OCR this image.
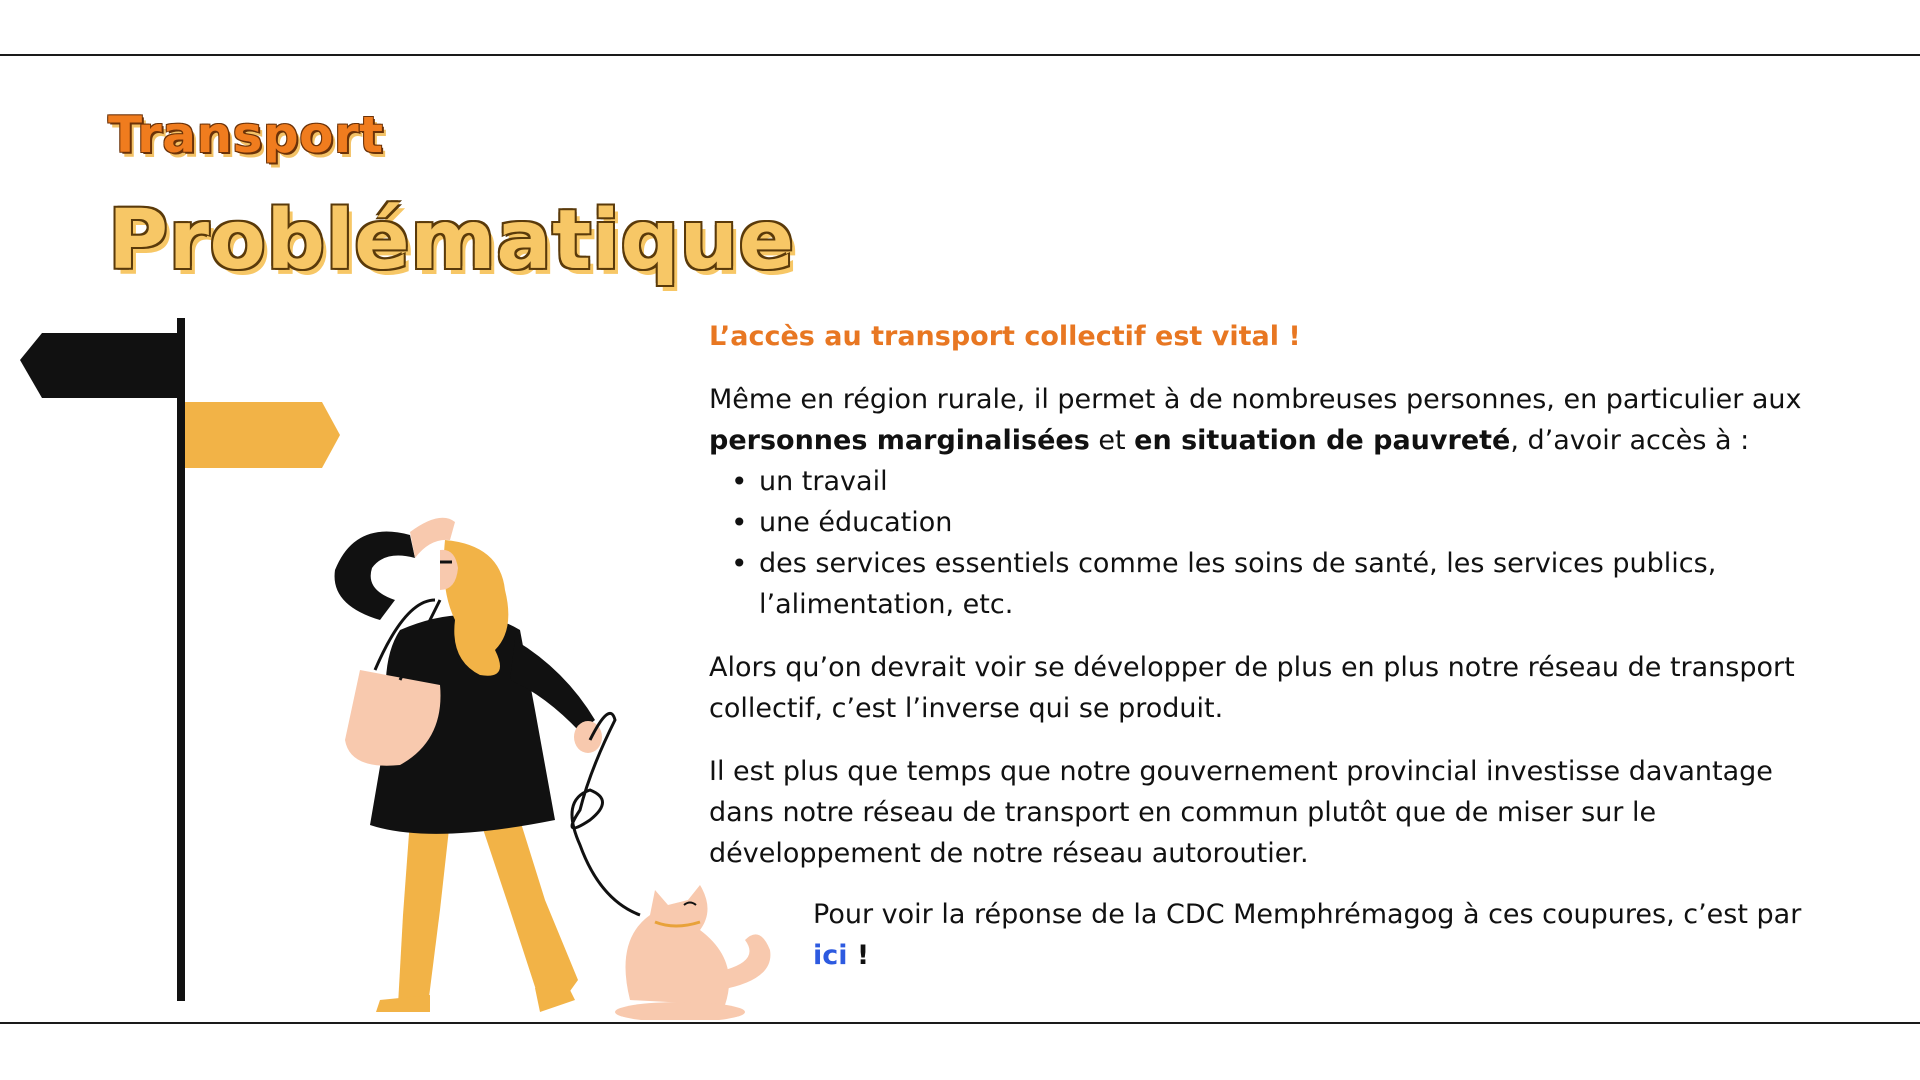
Transport
Problématique

L’accès au transport collectif est vital !

Même en région rurale, il permet à de nombreuses personnes, en particulier aux personnes marginalisées et en situation de pauvreté, d’avoir accès à :

• un travail
• une éducation
• des services essentiels comme les soins de santé, les services publics, l’alimentation, etc.

Alors qu’on devrait voir se développer de plus en plus notre réseau de transport collectif, c’est l’inverse qui se produit.

Il est plus que temps que notre gouvernement provincial investisse davantage dans notre réseau de transport en commun plutôt que de miser sur le développement de notre réseau autoroutier.

Pour voir la réponse de la CDC Memphrémagog à ces coupures, c’est par ici !
